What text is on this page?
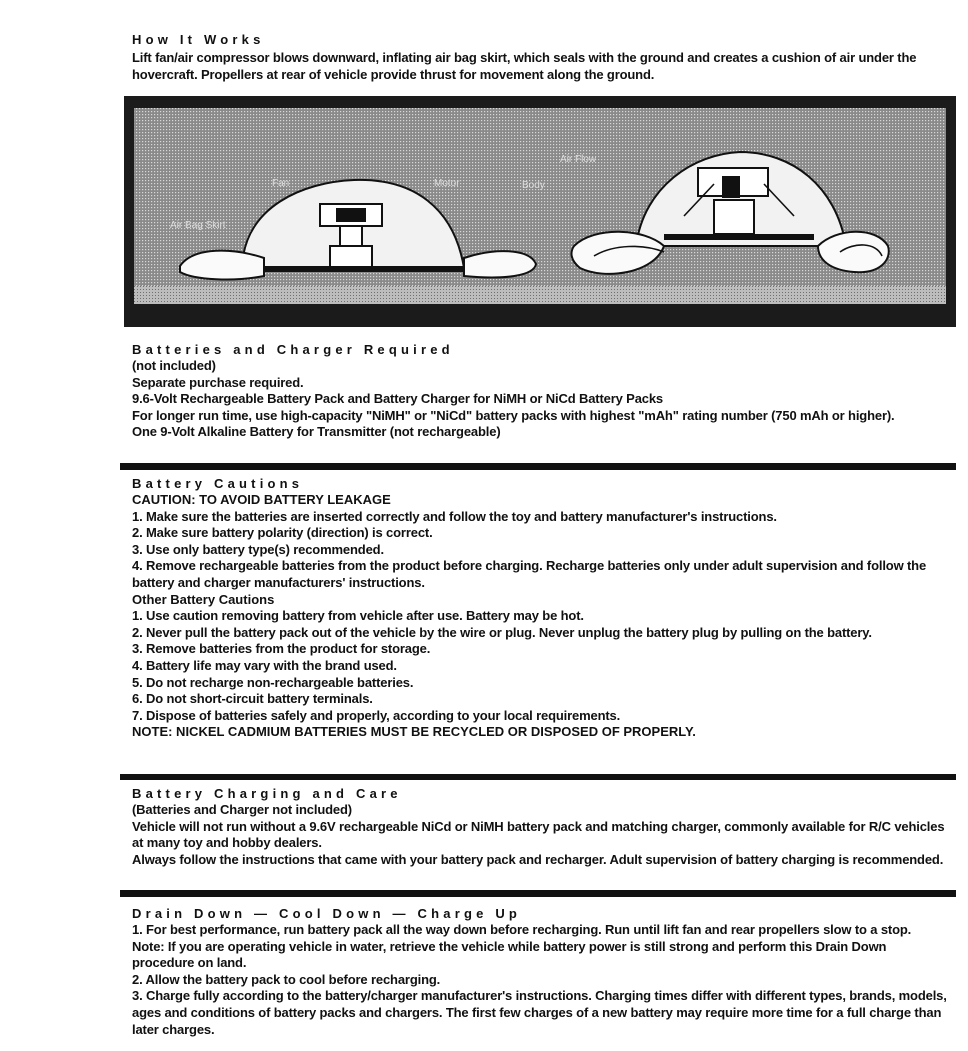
How It Works

Lift fan/air compressor blows downward, inflating air bag skirt, which seals with the ground and creates a cushion of air under the hovercraft. Propellers at rear of vehicle provide thrust for movement along the ground.

Fan	Motor	Body
Air Flow
Air Bag Skirt
Batteries and Charger Required

(not included)

Separate purchase required.

9.6-Volt Rechargeable Battery Pack and Battery Charger for NiMH or NiCd Battery Packs

For longer run time, use high-capacity "NiMH" or "NiCd" battery packs with highest "mAh" rating number (750 mAh or higher).

One 9-Volt Alkaline Battery for Transmitter (not rechargeable)

Battery Cautions

CAUTION: TO AVOID BATTERY LEAKAGE

1. Make sure the batteries are inserted correctly and follow the toy and battery manufacturer's instructions.
2. Make sure battery polarity (direction) is correct.
3. Use only battery type(s) recommended.
4. Remove rechargeable batteries from the product before charging. Recharge batteries only under adult supervision and follow the battery and charger manufacturers' instructions.

Other Battery Cautions

1. Use caution removing battery from vehicle after use. Battery may be hot.
2. Never pull the battery pack out of the vehicle by the wire or plug. Never unplug the battery plug by pulling on the battery.
3. Remove batteries from the product for storage.
4. Battery life may vary with the brand used.
5. Do not recharge non-rechargeable batteries.
6. Do not short-circuit battery terminals.
7. Dispose of batteries safely and properly, according to your local requirements.

NOTE: NICKEL CADMIUM BATTERIES MUST BE RECYCLED OR DISPOSED OF PROPERLY.

Battery Charging and Care

(Batteries and Charger not included)

Vehicle will not run without a 9.6V rechargeable NiCd or NiMH battery pack and matching charger, commonly available for R/C vehicles at many toy and hobby dealers.

Always follow the instructions that came with your battery pack and recharger. Adult supervision of battery charging is recommended.

Drain Down — Cool Down — Charge Up

1. For best performance, run battery pack all the way down before recharging. Run until lift fan and rear propellers slow to a stop. Note: If you are operating vehicle in water, retrieve the vehicle while battery power is still strong and perform this Drain Down procedure on land.

2. Allow the battery pack to cool before recharging.

3. Charge fully according to the battery/charger manufacturer's instructions. Charging times differ with different types, brands, models, ages and conditions of battery packs and chargers. The first few charges of a new battery may require more time for a full charge than later charges.
